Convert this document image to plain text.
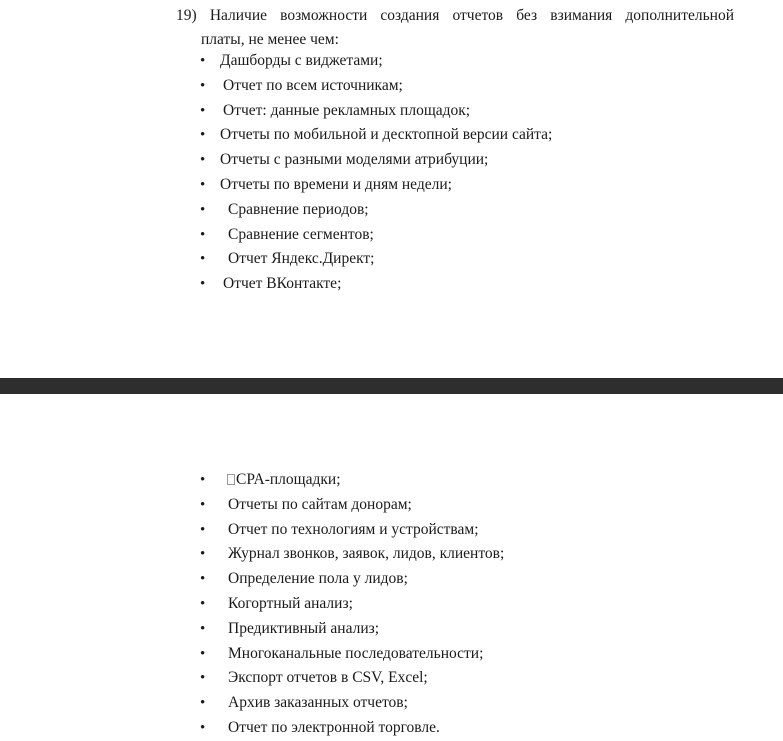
19) Наличие возможности создания отчетов без взимания дополнительной
платы, не менее чем:
• Дашборды с виджетами;
• Отчет по всем источникам;
• Отчет: данные рекламных площадок;
• Отчеты по мобильной и десктопной версии сайта;
• Отчеты с разными моделями атрибуции;
• Отчеты по времени и дням недели;
• Сравнение периодов;
• Сравнение сегментов;
• Отчет Яндекс.Директ;
• Отчет ВКонтакте;
•	CPA-площадки;
• Отчеты по сайтам донорам;
• Отчет по технологиям и устройствам;
• Журнал звонков, заявок, лидов, клиентов;
• Определение пола у лидов;
• Когортный анализ;
• Предиктивный анализ;
• Многоканальные последовательности;
• Экспорт отчетов в CSV, Excel;
• Архив заказанных отчетов;
• Отчет по электронной торговле.
